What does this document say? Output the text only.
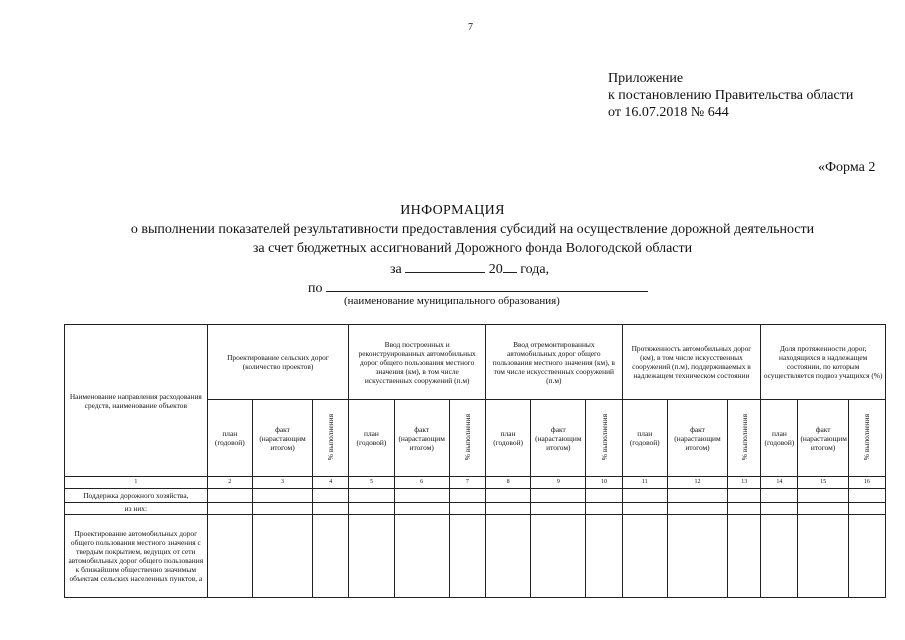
7
Приложение
к постановлению Правительства области
от 16.07.2018 № 644
«Форма 2
ИНФОРМАЦИЯ
о выполнении показателей результативности предоставления субсидий на осуществление дорожной деятельности
за счет бюджетных ассигнований Дорожного фонда Вологодской области
за	20 года,
по
(наименование муниципального образования)
Наименование направления расходования средств, наименование объектов	Проектирование сельских дорог (количество проектов)			Ввод построенных и реконструированных автомобильных дорог общего пользования местного значения (км), в том числе искусственных сооружений (п.м)			Ввод отремонтированных автомобильных дорог общего пользования местного значения (км), в том числе искусственных сооружений (п.м)			Протяженность автомобильных дорог (км), в том числе искусственных сооружений (п.м), поддерживаемых в надлежащем техническом состоянии			Доля протяженности дорог, находящихся в надлежащем состоянии, по которым осуществляется подвоз учащихся (%)		
	план (годовой)	факт (нарастающим итогом)	% выполнения	план (годовой)	факт (нарастающим итогом)	% выполнения	план (годовой)	факт (нарастающим итогом)	% выполнения	план (годовой)	факт (нарастающим итогом)	% выполнения	план (годовой)	факт (нарастающим итогом)	% выполнения
1	2	3	4	5	6	7	8	9	10	11	12	13	14	15	16
Поддержка дорожного хозяйства,															
из них:															
Проектирование автомобильных дорог общего пользования местного значения с твердым покрытием, ведущих от сети автомобильных дорог общего пользования к ближайшим общественно значимым объектам сельских населенных пунктов, а															
